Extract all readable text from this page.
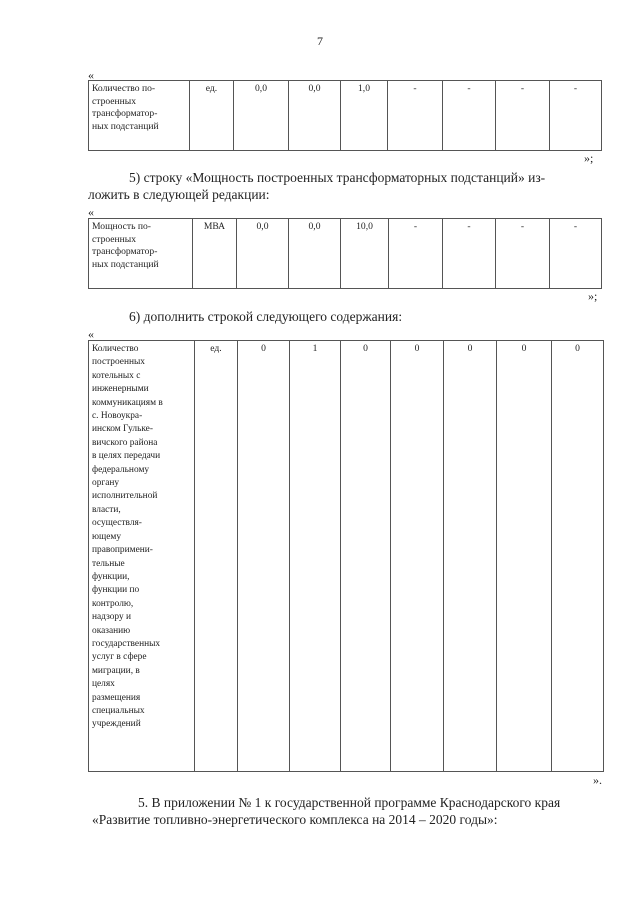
7
«
Количество по-
строенных
трансформатор-
ных подстанций	ед.	0,0	0,0	1,0	-	-	-	-
»;
5) строку «Мощность построенных трансформаторных подстанций» из-
ложить в следующей редакции:
«
Мощность по-
строенных
трансформатор-
ных подстанций	МВА	0,0	0,0	10,0	-	-	-	-
»;
6) дополнить строкой следующего содержания:
«
Количество
построенных
котельных с
инженерными
коммуникациям в
с. Новоукра-
инском Гульке-
вичского района
в целях передачи
федеральному
органу
исполнительной
власти,
осуществля-
ющему
правопримени-
тельные
функции,
функции по
контролю,
надзору и
оказанию
государственных
услуг в сфере
миграции, в
целях
размещения
специальных
учреждений	ед.	0	1	0	0	0	0	0
».
5. В приложении № 1 к государственной программе Краснодарского края
«Развитие топливно-энергетического комплекса на 2014 – 2020 годы»:
